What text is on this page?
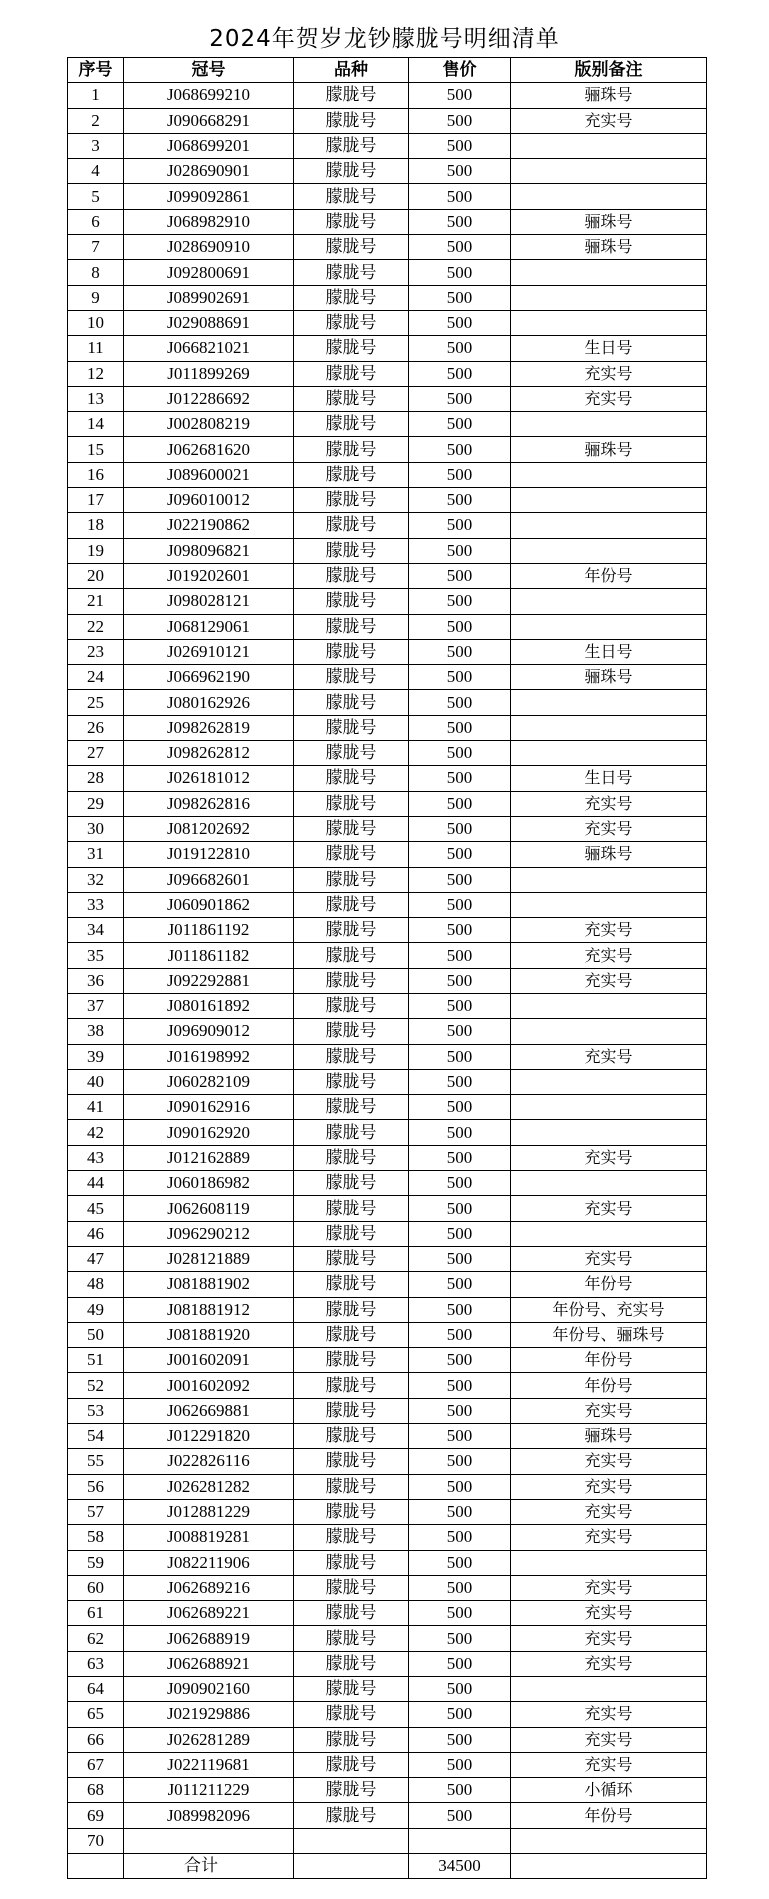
2024年贺岁龙钞朦胧号明细清单
序号	冠号	品种	售价	版别备注
1	J068699210	朦胧号	500	骊珠号
2	J090668291	朦胧号	500	充实号
3	J068699201	朦胧号	500	
4	J028690901	朦胧号	500	
5	J099092861	朦胧号	500	
6	J068982910	朦胧号	500	骊珠号
7	J028690910	朦胧号	500	骊珠号
8	J092800691	朦胧号	500	
9	J089902691	朦胧号	500	
10	J029088691	朦胧号	500	
11	J066821021	朦胧号	500	生日号
12	J011899269	朦胧号	500	充实号
13	J012286692	朦胧号	500	充实号
14	J002808219	朦胧号	500	
15	J062681620	朦胧号	500	骊珠号
16	J089600021	朦胧号	500	
17	J096010012	朦胧号	500	
18	J022190862	朦胧号	500	
19	J098096821	朦胧号	500	
20	J019202601	朦胧号	500	年份号
21	J098028121	朦胧号	500	
22	J068129061	朦胧号	500	
23	J026910121	朦胧号	500	生日号
24	J066962190	朦胧号	500	骊珠号
25	J080162926	朦胧号	500	
26	J098262819	朦胧号	500	
27	J098262812	朦胧号	500	
28	J026181012	朦胧号	500	生日号
29	J098262816	朦胧号	500	充实号
30	J081202692	朦胧号	500	充实号
31	J019122810	朦胧号	500	骊珠号
32	J096682601	朦胧号	500	
33	J060901862	朦胧号	500	
34	J011861192	朦胧号	500	充实号
35	J011861182	朦胧号	500	充实号
36	J092292881	朦胧号	500	充实号
37	J080161892	朦胧号	500	
38	J096909012	朦胧号	500	
39	J016198992	朦胧号	500	充实号
40	J060282109	朦胧号	500	
41	J090162916	朦胧号	500	
42	J090162920	朦胧号	500	
43	J012162889	朦胧号	500	充实号
44	J060186982	朦胧号	500	
45	J062608119	朦胧号	500	充实号
46	J096290212	朦胧号	500	
47	J028121889	朦胧号	500	充实号
48	J081881902	朦胧号	500	年份号
49	J081881912	朦胧号	500	年份号、充实号
50	J081881920	朦胧号	500	年份号、骊珠号
51	J001602091	朦胧号	500	年份号
52	J001602092	朦胧号	500	年份号
53	J062669881	朦胧号	500	充实号
54	J012291820	朦胧号	500	骊珠号
55	J022826116	朦胧号	500	充实号
56	J026281282	朦胧号	500	充实号
57	J012881229	朦胧号	500	充实号
58	J008819281	朦胧号	500	充实号
59	J082211906	朦胧号	500	
60	J062689216	朦胧号	500	充实号
61	J062689221	朦胧号	500	充实号
62	J062688919	朦胧号	500	充实号
63	J062688921	朦胧号	500	充实号
64	J090902160	朦胧号	500	
65	J021929886	朦胧号	500	充实号
66	J026281289	朦胧号	500	充实号
67	J022119681	朦胧号	500	充实号
68	J011211229	朦胧号	500	小循环
69	J089982096	朦胧号	500	年份号
70				
	合计		34500	
